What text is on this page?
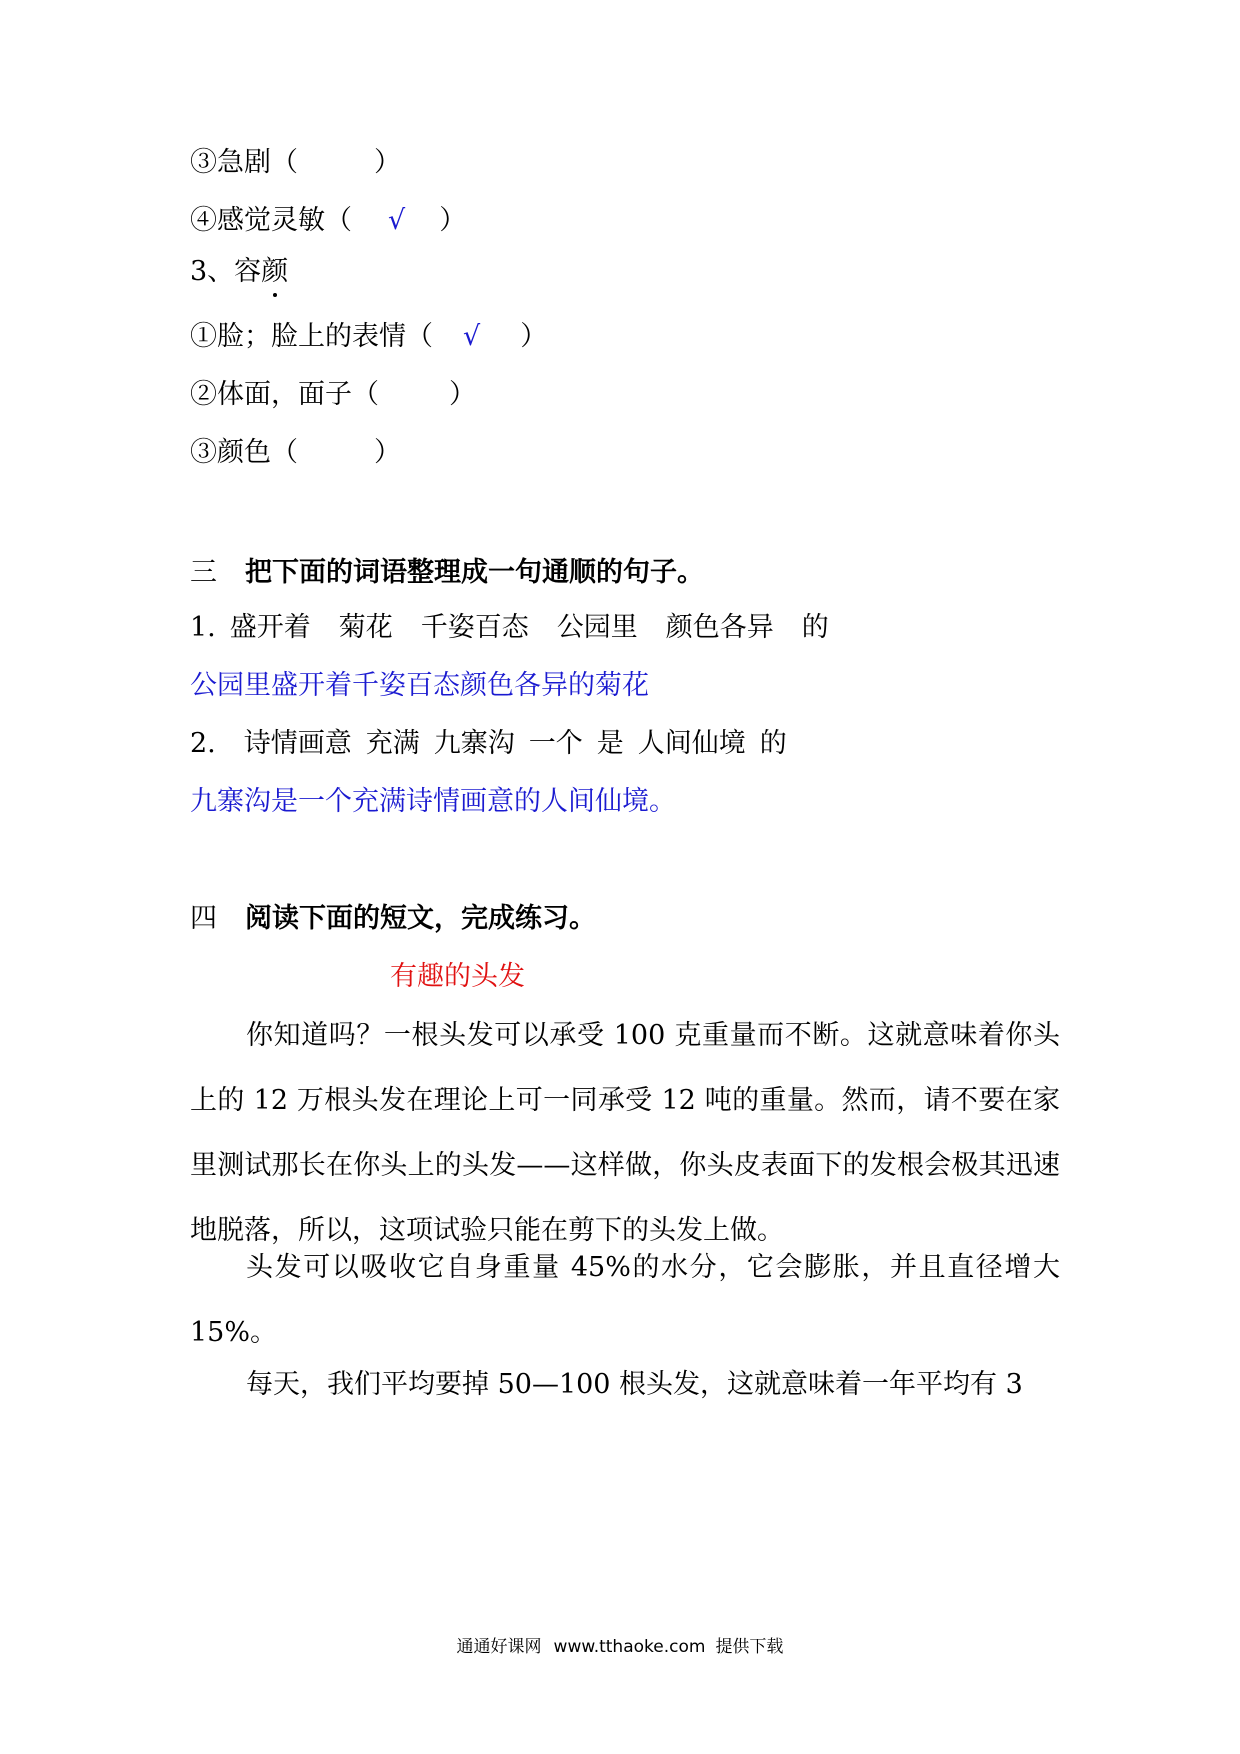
③急剧（	）
④感觉灵敏（ √ ）
3、容颜
①脸；脸上的表情（ √ ）
②体面，面子（	）
③颜色（	）
三 把下面的词语整理成一句通顺的句子。
1. 盛开着 菊花 千姿百态 公园里 颜色各异 的
公园里盛开着千姿百态颜色各异的菊花
2. 诗情画意 充满 九寨沟 一个 是 人间仙境 的
九寨沟是一个充满诗情画意的人间仙境。
四 阅读下面的短文，完成练习。
有趣的头发
你知道吗？一根头发可以承受 100 克重量而不断。这就意味着你头上的 12 万根头发在理论上可一同承受 12 吨的重量。然而，请不要在家里测试那长在你头上的头发——这样做，你头皮表面下的发根会极其迅速地脱落，所以，这项试验只能在剪下的头发上做。
头发可以吸收它自身重量 45%的水分，它会膨胀，并且直径增大 15%。
每天，我们平均要掉 50—100 根头发，这就意味着一年平均有 3
通通好课网 www.tthaoke.com 提供下载
